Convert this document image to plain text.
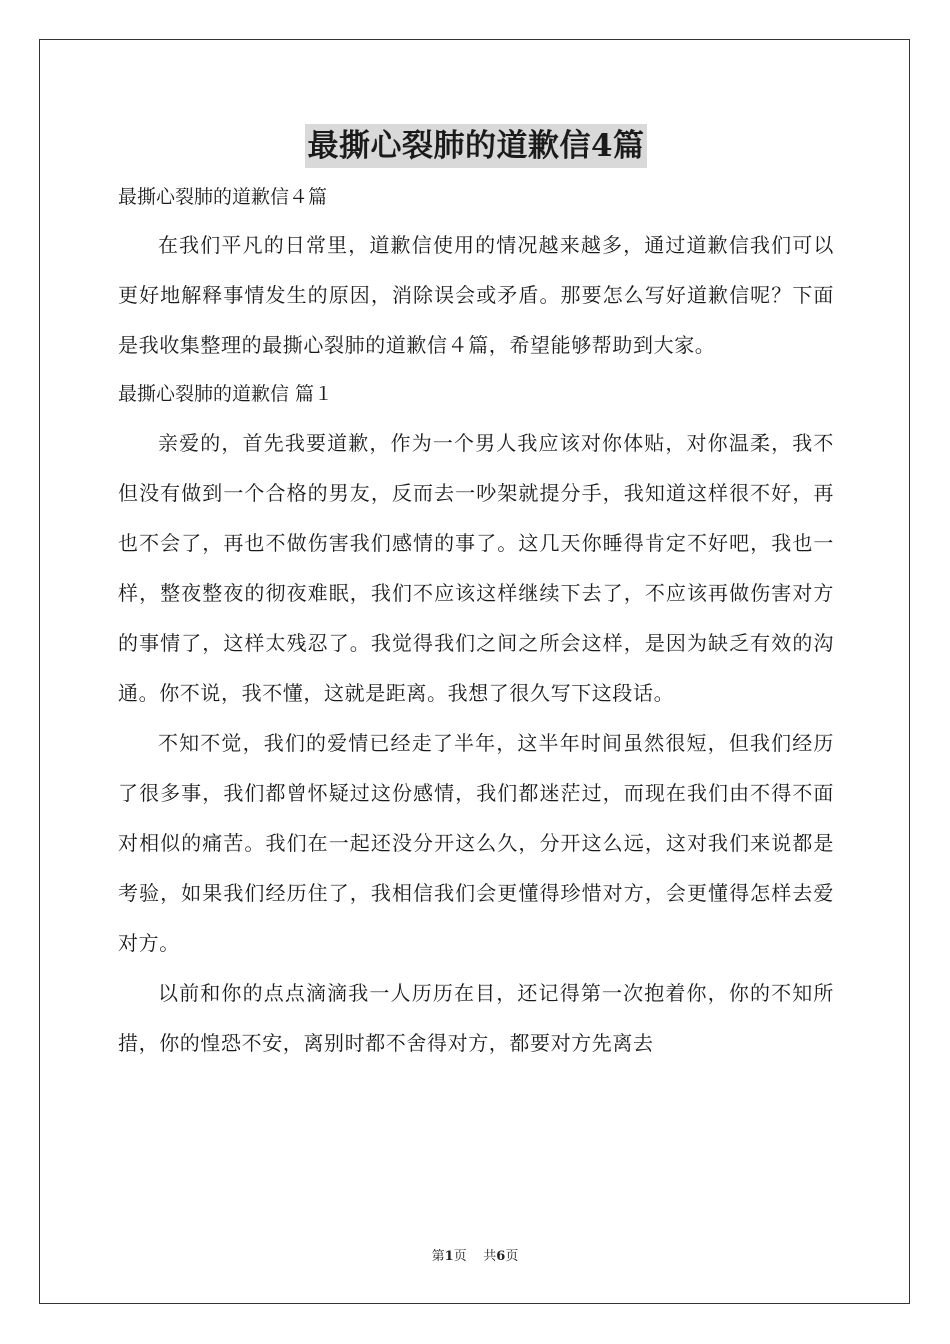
最撕心裂肺的道歉信4篇

最撕心裂肺的道歉信４篇

在我们平凡的日常里，道歉信使用的情况越来越多，通过道歉信我们可以更好地解释事情发生的原因，消除误会或矛盾。那要怎么写好道歉信呢？下面是我收集整理的最撕心裂肺的道歉信４篇，希望能够帮助到大家。

最撕心裂肺的道歉信 篇１

亲爱的，首先我要道歉，作为一个男人我应该对你体贴，对你温柔，我不但没有做到一个合格的男友，反而去一吵架就提分手，我知道这样很不好，再也不会了，再也不做伤害我们感情的事了。这几天你睡得肯定不好吧，我也一样，整夜整夜的彻夜难眠，我们不应该这样继续下去了，不应该再做伤害对方的事情了，这样太残忍了。我觉得我们之间之所会这样，是因为缺乏有效的沟通。你不说，我不懂，这就是距离。我想了很久写下这段话。

不知不觉，我们的爱情已经走了半年，这半年时间虽然很短，但我们经历了很多事，我们都曾怀疑过这份感情，我们都迷茫过，而现在我们由不得不面对相似的痛苦。我们在一起还没分开这么久，分开这么远，这对我们来说都是考验，如果我们经历住了，我相信我们会更懂得珍惜对方，会更懂得怎样去爱对方。

以前和你的点点滴滴我一人历历在目，还记得第一次抱着你，你的不知所措，你的惶恐不安，离别时都不舍得对方，都要对方先离去

第1页 共6页
